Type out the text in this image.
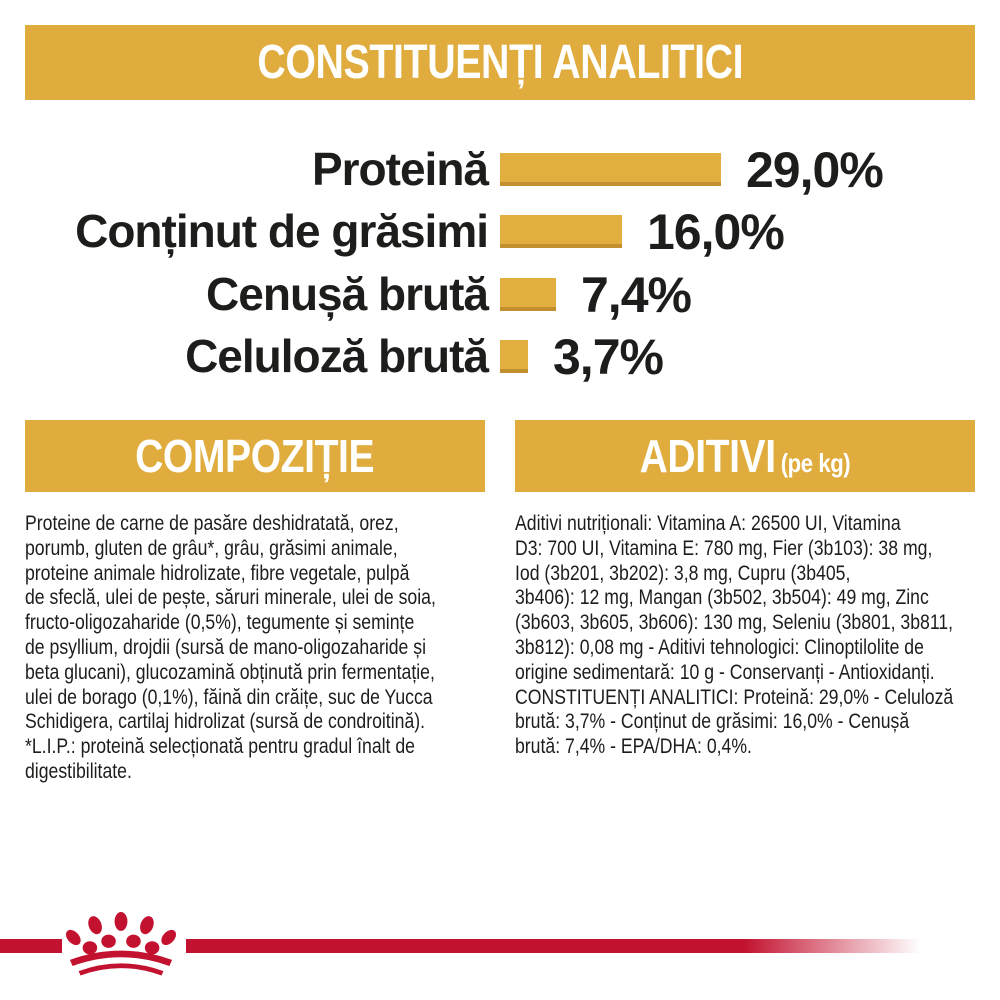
CONSTITUENȚI ANALITICI
Proteină	29,0%
Conținut de grăsimi	16,0%
Cenușă brută 7,4%
Celuloză brută 3,7%
COMPOZIȚIE
Proteine de carne de pasăre deshidratată, orez,
porumb, gluten de grâu*, grâu, grăsimi animale,
proteine animale hidrolizate, fibre vegetale, pulpă
de sfeclă, ulei de pește, săruri minerale, ulei de soia,
fructo-oligozaharide (0,5%), tegumente și semințe
de psyllium, drojdii (sursă de mano-oligozaharide și
beta glucani), glucozamină obținută prin fermentație,
ulei de borago (0,1%), făină din crăițe, suc de Yucca
Schidigera, cartilaj hidrolizat (sursă de condroitină).
*L.I.P.: proteină selecționată pentru gradul înalt de
digestibilitate.
ADITIVI (pe kg)
Aditivi nutriționali: Vitamina A: 26500 UI, Vitamina
D3: 700 UI, Vitamina E: 780 mg, Fier (3b103): 38 mg,
Iod (3b201, 3b202): 3,8 mg, Cupru (3b405,
3b406): 12 mg, Mangan (3b502, 3b504): 49 mg, Zinc
(3b603, 3b605, 3b606): 130 mg, Seleniu (3b801, 3b811,
3b812): 0,08 mg - Aditivi tehnologici: Clinoptilolite de
origine sedimentară: 10 g - Conservanți - Antioxidanți.
CONSTITUENȚI ANALITICI: Proteină: 29,0% - Celuloză
brută: 3,7% - Conținut de grăsimi: 16,0% - Cenușă
brută: 7,4% - EPA/DHA: 0,4%.
